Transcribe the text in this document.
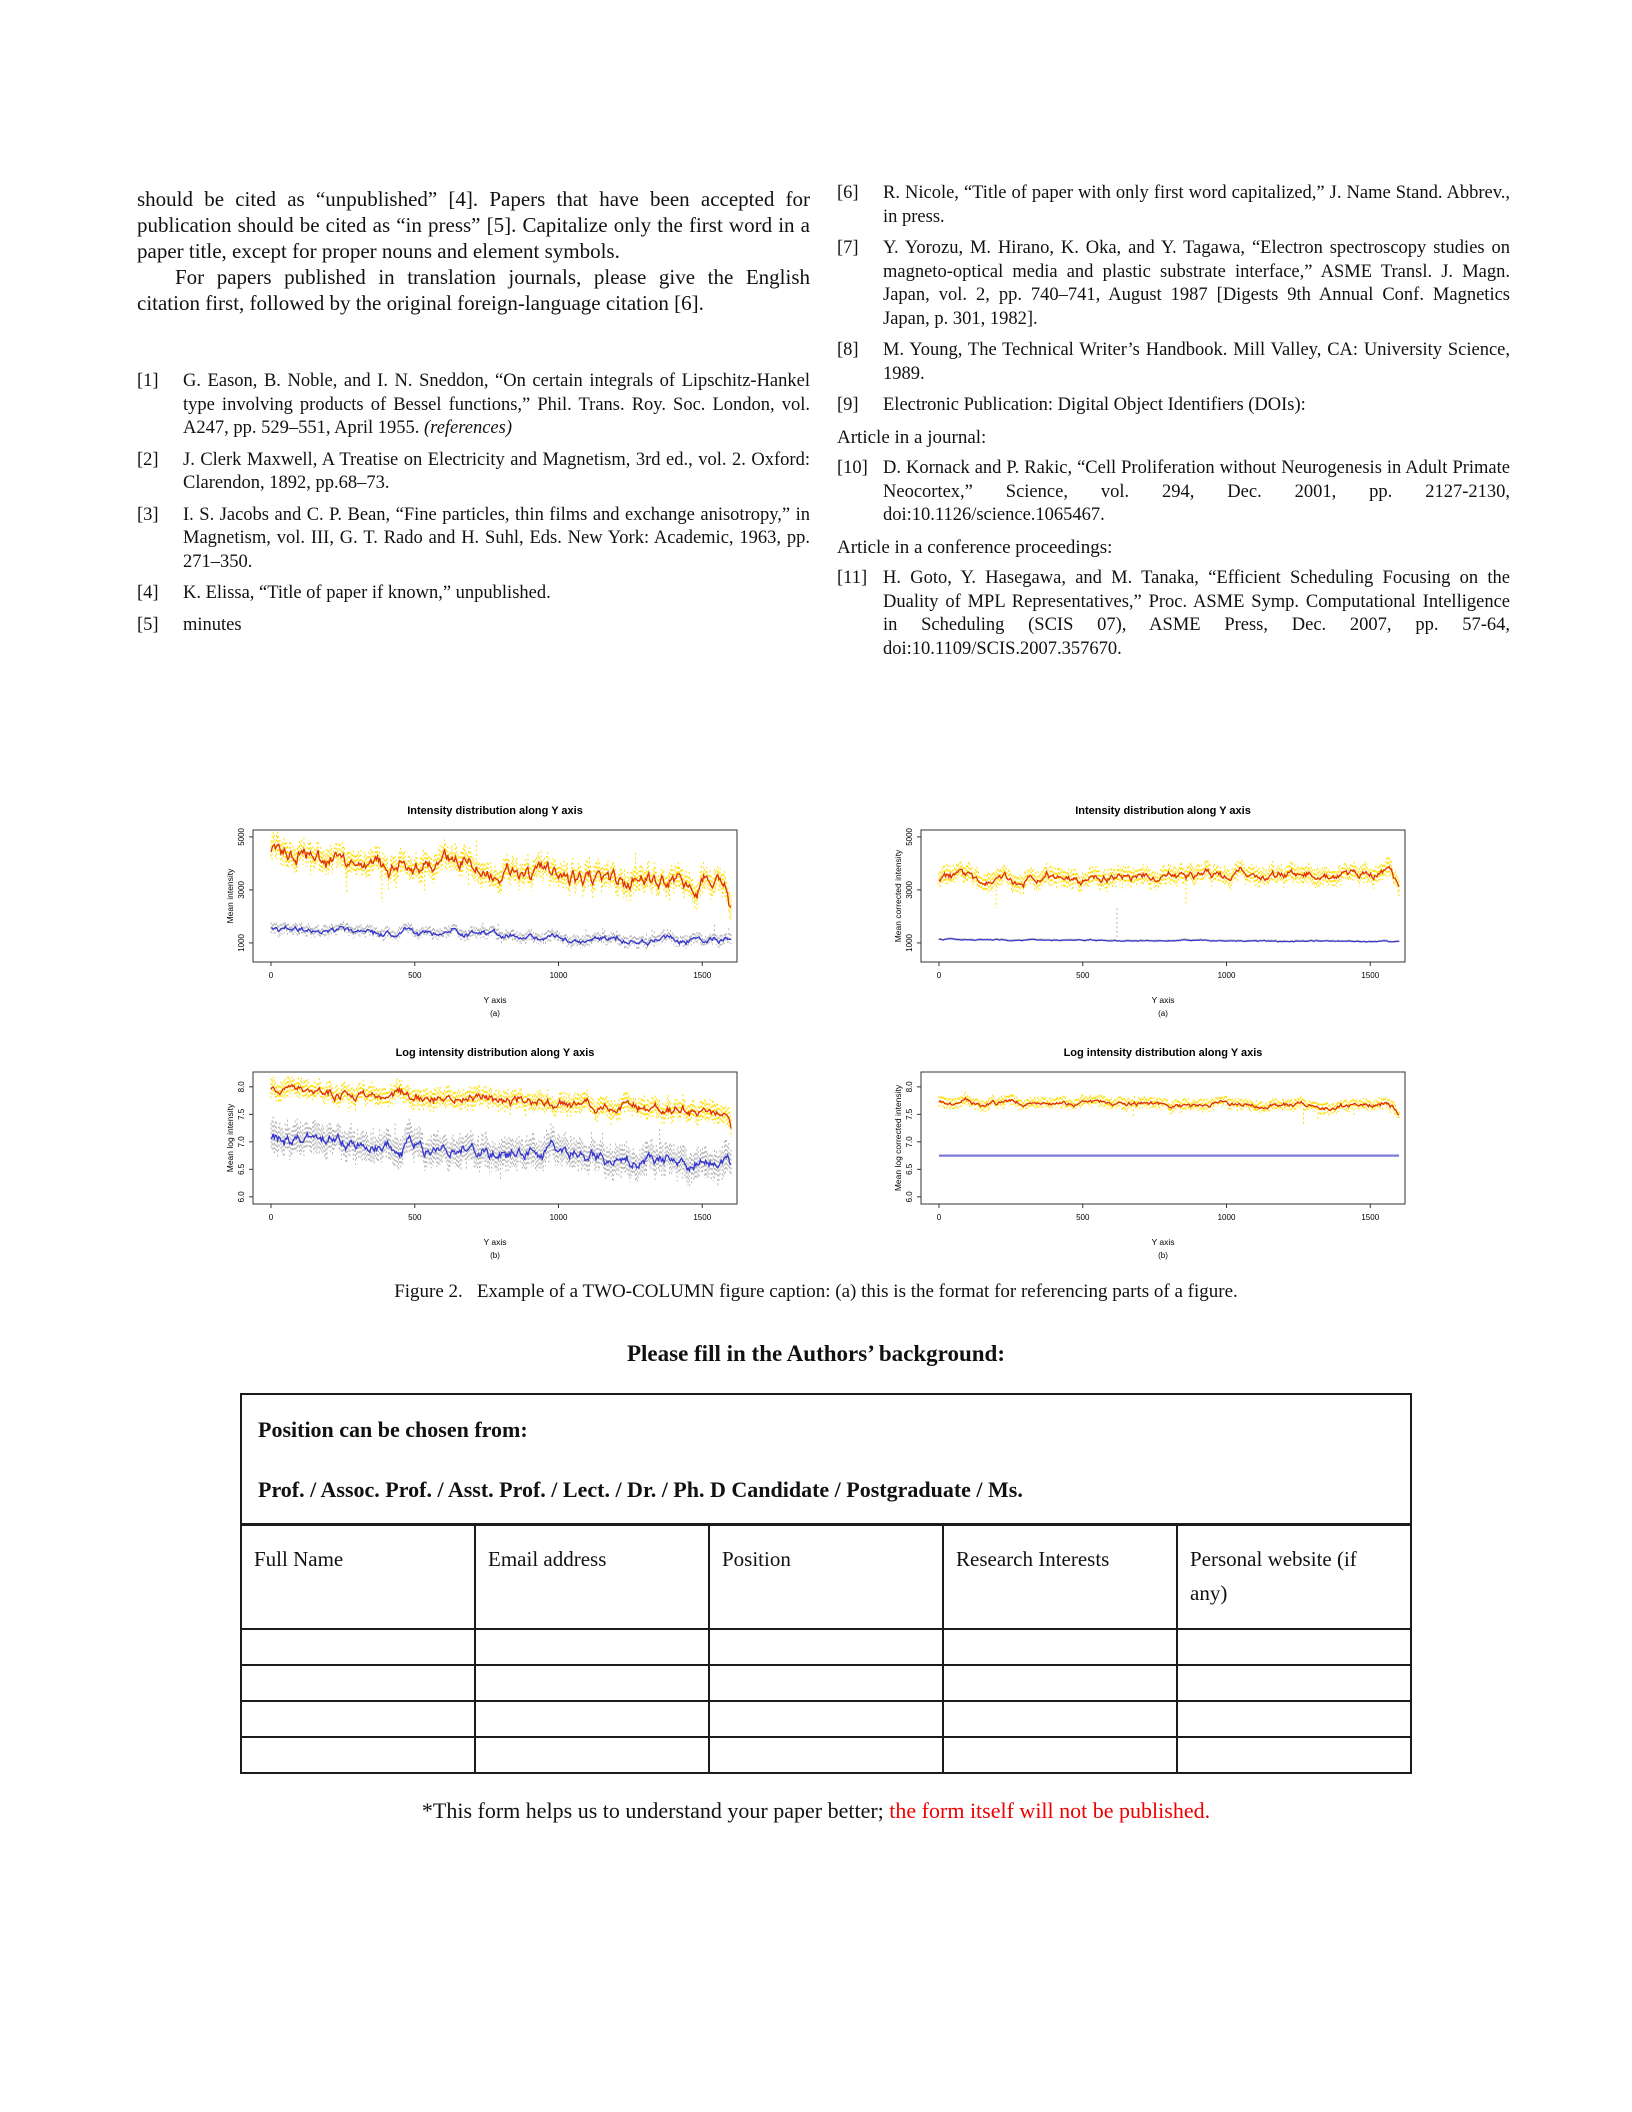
should be cited as “unpublished” [4]. Papers that have been accepted for publication should be cited as “in press” [5]. Capitalize only the first word in a paper title, except for proper nouns and element symbols.

For papers published in translation journals, please give the English citation first, followed by the original foreign-language citation [6].

[1] G. Eason, B. Noble, and I. N. Sneddon, “On certain integrals of Lipschitz-Hankel type involving products of Bessel functions,” Phil. Trans. Roy. Soc. London, vol. A247, pp. 529–551, April 1955. (references)
[2] J. Clerk Maxwell, A Treatise on Electricity and Magnetism, 3rd ed., vol. 2. Oxford: Clarendon, 1892, pp.68–73.
[3] I. S. Jacobs and C. P. Bean, “Fine particles, thin films and exchange anisotropy,” in Magnetism, vol. III, G. T. Rado and H. Suhl, Eds. New York: Academic, 1963, pp. 271–350.
[4] K. Elissa, “Title of paper if known,” unpublished.
[5] minutes
[6] R. Nicole, “Title of paper with only first word capitalized,” J. Name Stand. Abbrev., in press.
[7] Y. Yorozu, M. Hirano, K. Oka, and Y. Tagawa, “Electron spectroscopy studies on magneto-optical media and plastic substrate interface,” ASME Transl. J. Magn. Japan, vol. 2, pp. 740–741, August 1987 [Digests 9th Annual Conf. Magnetics Japan, p. 301, 1982].
[8] M. Young, The Technical Writer’s Handbook. Mill Valley, CA: University Science, 1989.
[9] Electronic Publication: Digital Object Identifiers (DOIs):
Article in a journal:
[10] D. Kornack and P. Rakic, “Cell Proliferation without Neurogenesis in Adult Primate Neocortex,” Science, vol. 294, Dec. 2001, pp. 2127-2130, doi:10.1126/science.1065467.
Article in a conference proceedings:
[11] H. Goto, Y. Hasegawa, and M. Tanaka, “Efficient Scheduling Focusing on the Duality of MPL Representatives,” Proc. ASME Symp. Computational Intelligence in Scheduling (SCIS 07), ASME Press, Dec. 2007, pp. 57-64, doi:10.1109/SCIS.2007.357670.
Intensity distribution along Y axis
1000
3000
5000
0	500	1000	1500
Mean intensity
Y axis
(a)
Intensity distribution along Y axis
1000
3000
5000
0	500	1000	1500
Mean corrected intensity
Y axis
(a)
Log intensity distribution along Y axis
6.0
6.5
7.0
7.5
8.0
0	500	1000	1500
Mean log intensity
Y axis
(b)
Log intensity distribution along Y axis
6.0
6.5
7.0
7.5
8.0
0	500	1000	1500
Mean log corrected intensity
Y axis
(b)
Figure 2. Example of a TWO-COLUMN figure caption: (a) this is the format for referencing parts of a figure.
Please fill in the Authors’ background:

Position can be chosen from:

Prof. / Assoc. Prof. / Asst. Prof. / Lect. / Dr. / Ph. D Candidate / Postgraduate / Ms.				

Full Name	Email address	Position	Research Interests	Personal website (if any)

*This form helps us to understand your paper better; the form itself will not be published.
